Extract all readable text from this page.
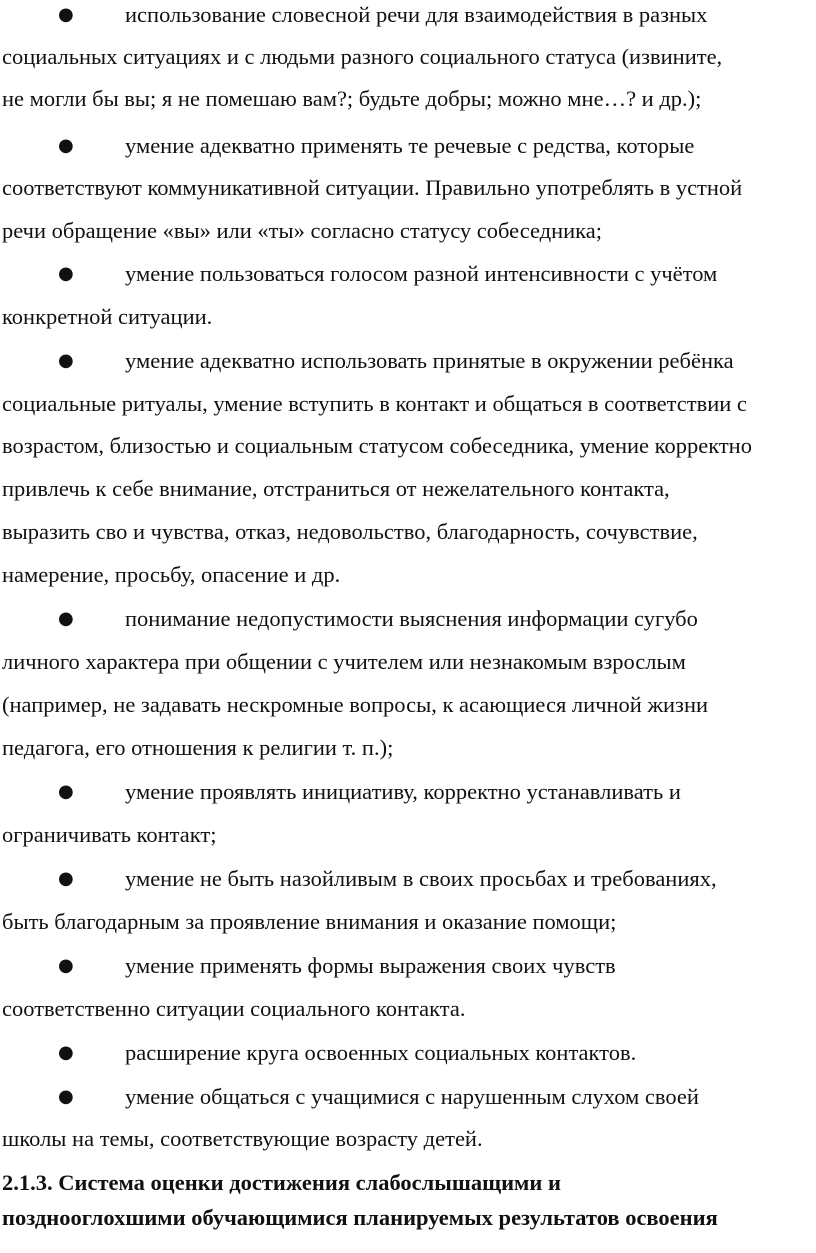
● использование словесной речи для взаимодействия в разных
социальных ситуациях и с людьми разного социального статуса (извините,
не могли бы вы; я не помешаю вам?; будьте добры; можно мне…? и др.);
● умение адекватно применять те речевые с редства, которые
соответствуют коммуникативной ситуации. Правильно употреблять в устной
речи обращение «вы» или «ты» согласно статусу собеседника;
● умение пользоваться голосом разной интенсивности с учётом
конкретной ситуации.
● умение адекватно использовать принятые в окружении ребёнка
социальные ритуалы, умение вступить в контакт и общаться в соответствии с
возрастом, близостью и социальным статусом собеседника, умение корректно
привлечь к себе внимание, отстраниться от нежелательного контакта,
выразить сво и чувства, отказ, недовольство, благодарность, сочувствие,
намерение, просьбу, опасение и др.
● понимание недопустимости выяснения информации сугубо
личного характера при общении с учителем или незнакомым взрослым
(например, не задавать нескромные вопросы, к асающиеся личной жизни
педагога, его отношения к религии т. п.);
● умение проявлять инициативу, корректно устанавливать и
ограничивать контакт;
● умение не быть назойливым в своих просьбах и требованиях,
быть благодарным за проявление внимания и оказание помощи;
● умение применять формы выражения своих чувств
соответственно ситуации социального контакта.
● расширение круга освоенных социальных контактов.
● умение общаться с учащимися с нарушенным слухом своей
школы на темы, соответствующие возрасту детей.
2.1.3. Система оценки достижения слабослышащими и
позднооглохшими обучающимися планируемых результатов освоения
